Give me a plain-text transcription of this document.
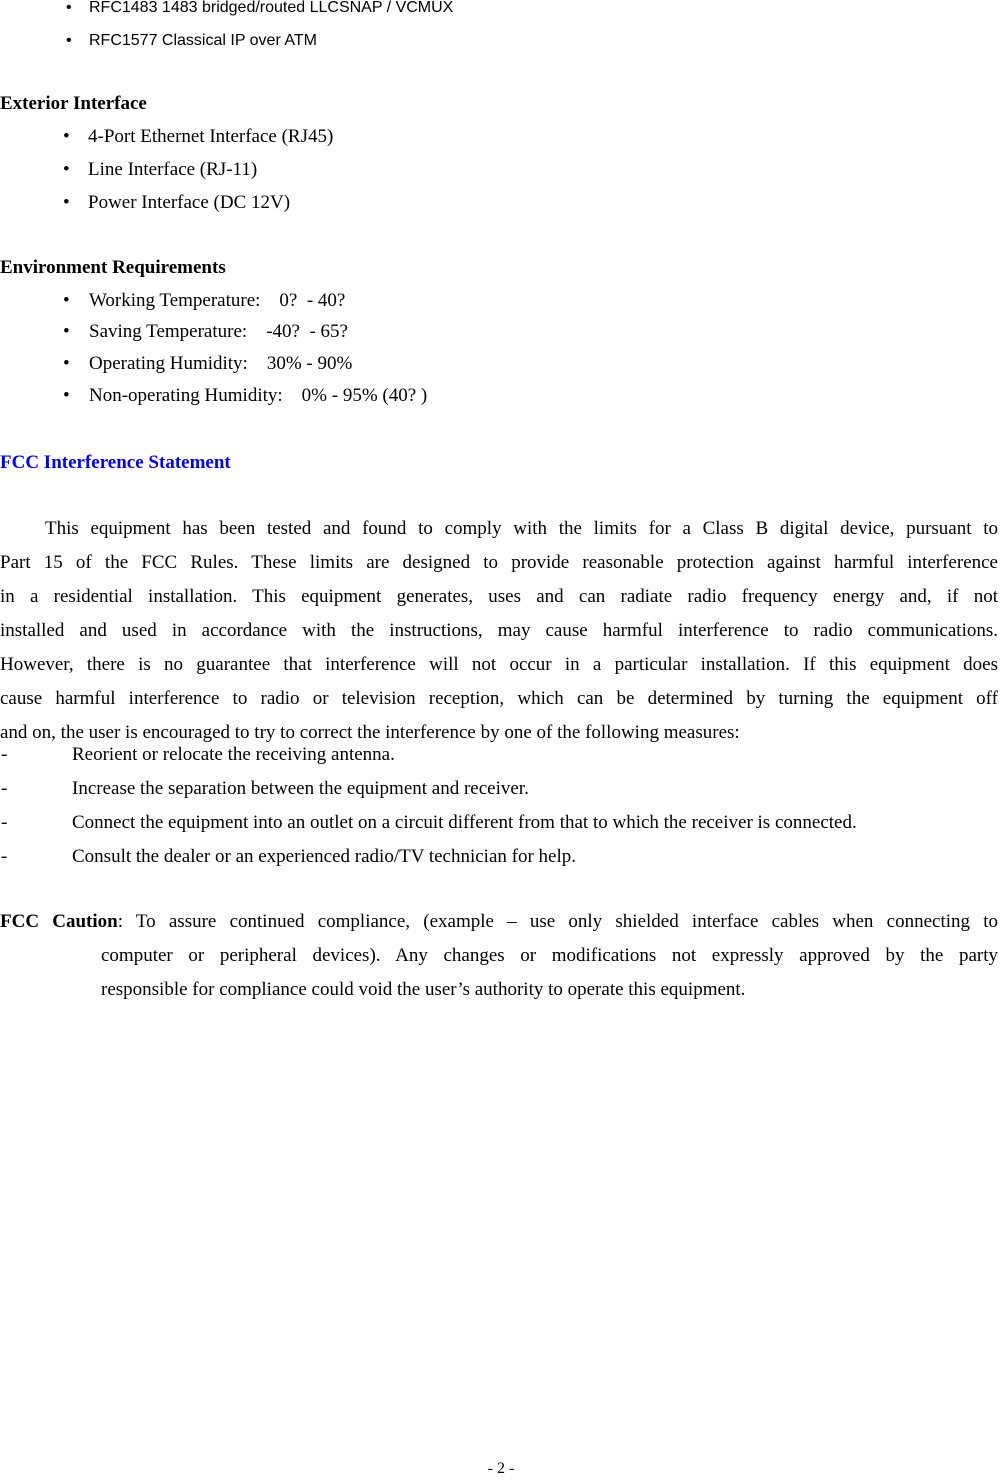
• RFC1483 1483 bridged/routed LLCSNAP / VCMUX
• RFC1577 Classical IP over ATM
Exterior Interface
• 4-Port Ethernet Interface (RJ45)
• Line Interface (RJ-11)
• Power Interface (DC 12V)
Environment Requirements
• Working Temperature:    0?  - 40?
• Saving Temperature:    -40?  - 65?
• Operating Humidity:    30% - 90%
• Non-operating Humidity:    0% - 95% (40? )
FCC Interference Statement
This equipment has been tested and found to comply with the limits for a Class B digital device, pursuant to
Part 15 of the FCC Rules. These limits are designed to provide reasonable protection against harmful interference
in a residential installation. This equipment generates, uses and can radiate radio frequency energy and, if not
installed and used in accordance with the instructions, may cause harmful interference to radio communications.
However, there is no guarantee that interference will not occur in a particular installation. If this equipment does
cause harmful interference to radio or television reception, which can be determined by turning the equipment off
and on, the user is encouraged to try to correct the interference by one of the following measures:
-	Reorient or relocate the receiving antenna.
-	Increase the separation between the equipment and receiver.
-	Connect the equipment into an outlet on a circuit different from that to which the receiver is connected.
-	Consult the dealer or an experienced radio/TV technician for help.
FCC Caution: To assure continued compliance, (example – use only shielded interface cables when connecting to
computer or peripheral devices). Any changes or modifications not expressly approved by the party
responsible for compliance could void the user’s authority to operate this equipment.
- 2 -
